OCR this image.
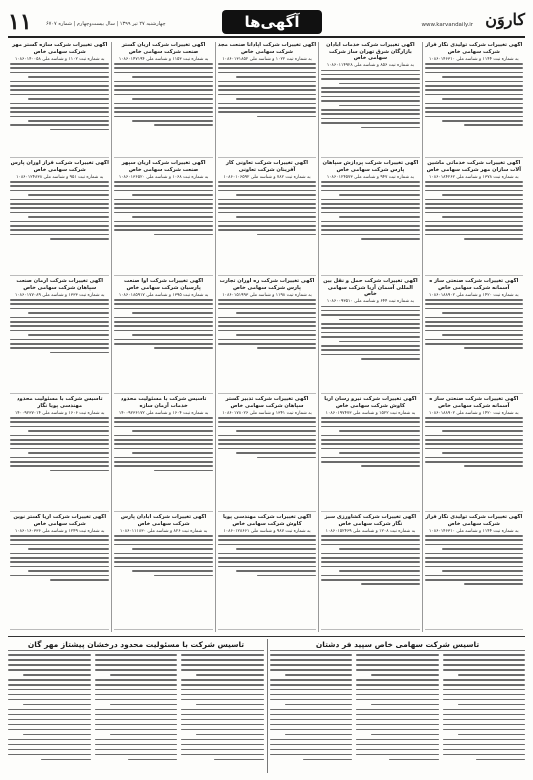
۱۱	چهارشنبه ۲۷ تیر ۱۳۹۹ | سال بیست‌وچهارم | شماره ۶۷۰۷	آگهی‌ها	www.karvandaily.ir کاروَن
آگهی تغییرات شرکت تولیدی نگار فراز شرکت سهامی خاص
به شماره ثبت ۱۱۴۴ و شناسه ملی ۱۰۸۶۰۱۴۶۳۱۰
آگهی تغییرات شرکت خدماتی ماشین آلات سازان مهر شرکت سهامی خاص
به شماره ثبت ۱۳۷۸ و شناسه ملی ۱۰۸۶۰۱۸۴۲۶۲
آگهی تغییرات شرکت صنعتی ساز ه آسمانه شرکت سهامی خاص
به شماره ثبت ۱۴۲۰ و شناسه ملی ۱۰۸۶۰۱۸۸۹۰۲
آگهی تغییرات شرکت صنعتی ساز ه آسمانه شرکت سهامی خاص
به شماره ثبت ۱۴۲۰ و شناسه ملی ۱۰۸۶۰۱۸۸۹۰۲
آگهی تغییرات شرکت تولیدی نگار فراز شرکت سهامی خاص
به شماره ثبت ۱۱۴۴ و شناسه ملی ۱۰۸۶۰۱۴۶۳۱۰
آگهی تغییرات شرکت خدمات آبادان بازارگان شرق تهران ساز شرکت سهامی خاص
به شماره ثبت ۸۵۶ و شناسه ملی ۱۰۸۶۰۱۱۴۹۲۸
آگهی تغییرات شرکت پردازش سپاهان پارس شرکت سهامی خاص
به شماره ثبت ۹۴۷ و شناسه ملی ۱۰۸۶۰۱۲۴۵۷۳
آگهی تغییرات شرکت حمل و نقل بین المللی آسمان آریا شرکت سهامی خاص
به شماره ثبت ۶۴۴ و شناسه ملی ۱۰۸۶۰۰۹۳۵۱۰
آگهی تغییرات شرکت نیرو رسان آریا کاوش شرکت سهامی خاص
به شماره ثبت ۱۵۲۲ و شناسه ملی ۱۰۸۶۰۱۹۷۴۷۳
آگهی تغییرات شرکت کشاورزی سبز نگار شرکت سهامی خاص
به شماره ثبت ۱۲۰۸ و شناسه ملی ۱۰۸۶۰۱۵۲۴۶۹
آگهی تغییرات شرکت آپادانا صنعت مجد شرکت سهامی خاص
به شماره ثبت ۱۰۲۲ و شناسه ملی ۱۰۸۶۰۱۳۱۸۵۲
آگهی تغییرات شرکت تعاونی کار آفرینان شرکت تعاونی
به شماره ثبت ۷۸۲ و شناسه ملی ۱۰۸۶۰۱۰۶۵۹۲
آگهی تغییرات شرکت ره آوران تجارت پارس شرکت سهامی خاص
به شماره ثبت ۱۱۹۸ و شناسه ملی ۱۰۸۶۰۱۵۱۹۹۳
آگهی تغییرات شرکت تدبیر گستر سپاهان شرکت سهامی خاص
به شماره ثبت ۱۳۴۱ و شناسه ملی ۱۰۸۶۰۱۷۸۰۲۶
آگهی تغییرات شرکت مهندسی پویا کاوش شرکت سهامی خاص
به شماره ثبت ۹۸۷ و شناسه ملی ۱۰۸۶۰۱۲۸۶۶۱
آگهی تغییرات شرکت آریان گستر صنعت شرکت سهامی خاص
به شماره ثبت ۱۱۵۳ و شناسه ملی ۱۰۸۶۰۱۴۷۱۹۴
آگهی تغییرات شرکت آریان سپهر صنعت شرکت سهامی خاص
به شماره ثبت ۱۰۶۸ و شناسه ملی ۱۰۸۶۰۱۳۶۵۲۰
آگهی تغییرات شرکت آوا صنعت پارسیان شرکت سهامی خاص
به شماره ثبت ۱۳۹۵ و شناسه ملی ۱۰۸۶۰۱۸۵۹۱۷
تاسیس شرکت با مسئولیت محدود خدمات آرمان سازه
به شماره ثبت ۱۶۰۴ و شناسه ملی ۱۴۰۰۹۲۳۶۱۷۲
آگهی تغییرات شرکت آبادان پارس شرکت سهامی خاص
به شماره ثبت ۸۲۶ و شناسه ملی ۱۰۸۶۰۱۱۱۸۳۰
آگهی تغییرات شرکت سازه گستر مهر شرکت سهامی خاص
به شماره ثبت ۱۱۰۲ و شناسه ملی ۱۰۸۶۰۱۴۰۰۵۸
آگهی تغییرات شرکت فراز آوران پارس شرکت سهامی خاص
به شماره ثبت ۹۵۱ و شناسه ملی ۱۰۸۶۰۱۲۴۸۳۸
آگهی تغییرات شرکت آرمان صنعت سپاهان شرکت سهامی خاص
به شماره ثبت ۱۳۳۳ و شناسه ملی ۱۰۸۶۰۱۷۷۰۸۹
تاسیس شرکت با مسئولیت محدود مهندسی پویا نگار
به شماره ثبت ۱۶۰۶ و شناسه ملی ۱۴۰۰۹۲۳۷۰۱۴
آگهی تغییرات شرکت آریا گستر نوین شرکت سهامی خاص
به شماره ثبت ۱۲۴۹ و شناسه ملی ۱۰۸۶۰۱۶۰۳۳۶
تاسیس شرکت با مسئولیت محدود درخشان پیشتاز مهر گان	تاسیس شرکت سهامی خاص سپید فر دشتان
